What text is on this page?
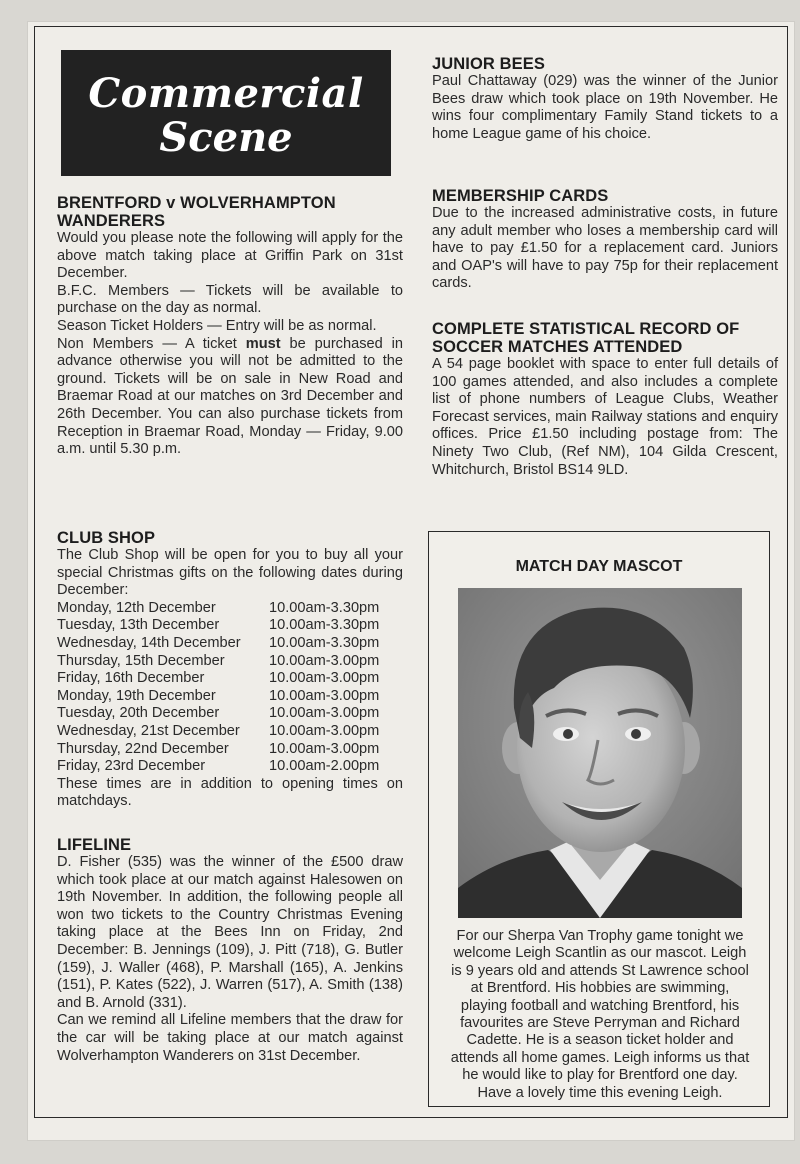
Commercial
Scene
BRENTFORD v WOLVERHAMPTON
WANDERERS

Would you please note the following will apply for the above match taking place at Griffin Park on 31st December.

B.F.C. Members — Tickets will be available to purchase on the day as normal.

Season Ticket Holders — Entry will be as normal.

Non Members — A ticket must be purchased in advance otherwise you will not be admitted to the ground. Tickets will be on sale in New Road and Braemar Road at our matches on 3rd December and 26th December. You can also purchase tickets from Reception in Braemar Road, Monday — Friday, 9.00 a.m. until 5.30 p.m.

CLUB SHOP

The Club Shop will be open for you to buy all your special Christmas gifts on the following dates during December:

Monday, 12th December	10.00am-3.30pm
Tuesday, 13th December	10.00am-3.30pm
Wednesday, 14th December	10.00am-3.30pm
Thursday, 15th December	10.00am-3.00pm
Friday, 16th December	10.00am-3.00pm
Monday, 19th December	10.00am-3.00pm
Tuesday, 20th December	10.00am-3.00pm
Wednesday, 21st December	10.00am-3.00pm
Thursday, 22nd December	10.00am-3.00pm
Friday, 23rd December	10.00am-2.00pm

These times are in addition to opening times on matchdays.

LIFELINE

D. Fisher (535) was the winner of the £500 draw which took place at our match against Halesowen on 19th November. In addition, the following people all won two tickets to the Country Christmas Evening taking place at the Bees Inn on Friday, 2nd December: B. Jennings (109), J. Pitt (718), G. Butler (159), J. Waller (468), P. Marshall (165), A. Jenkins (151), P. Kates (522), J. Warren (517), A. Smith (138) and B. Arnold (331).

Can we remind all Lifeline members that the draw for the car will be taking place at our match against Wolverhampton Wanderers on 31st December.

JUNIOR BEES

Paul Chattaway (029) was the winner of the Junior Bees draw which took place on 19th November. He wins four complimentary Family Stand tickets to a home League game of his choice.

MEMBERSHIP CARDS

Due to the increased administrative costs, in future any adult member who loses a membership card will have to pay £1.50 for a replacement card. Juniors and OAP's will have to pay 75p for their replacement cards.

COMPLETE STATISTICAL RECORD OF
SOCCER MATCHES ATTENDED

A 54 page booklet with space to enter full details of 100 games attended, and also includes a complete list of phone numbers of League Clubs, Weather Forecast services, main Railway stations and enquiry offices. Price £1.50 including postage from: The Ninety Two Club, (Ref NM), 104 Gilda Crescent, Whitchurch, Bristol BS14 9LD.

MATCH DAY MASCOT
For our Sherpa Van Trophy game tonight we welcome Leigh Scantlin as our mascot. Leigh is 9 years old and attends St Lawrence school at Brentford. His hobbies are swimming, playing football and watching Brentford, his favourites are Steve Perryman and Richard Cadette. He is a season ticket holder and attends all home games. Leigh informs us that he would like to play for Brentford one day.
Have a lovely time this evening Leigh.
